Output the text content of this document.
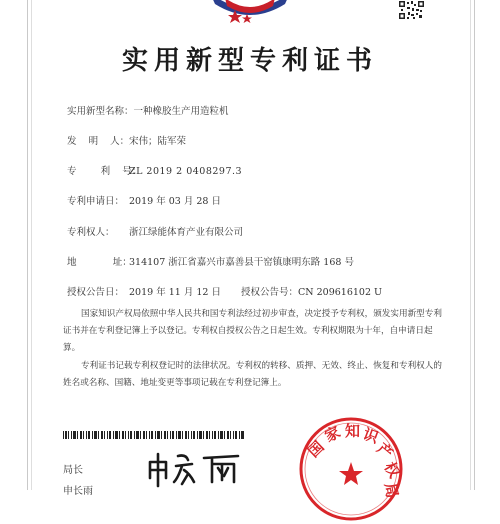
实用新型专利证书
实用新型名称：一种橡胶生产用造粒机
发    明    人：宋伟；陆军荣
专        利    号：ZL 2019 2 0408297.3
专利申请日： 2019 年 03 月 28 日
专利权人： 浙江绿能体育产业有限公司
地            址：314107 浙江省嘉兴市嘉善县干窑镇康明东路 168 号
授权公告日： 2019 年 11 月 12 日 授权公告号：CN 209616102 U
国家知识产权局依照中华人民共和国专利法经过初步审查，决定授予专利权，颁发实用新型专利证书并在专利登记簿上予以登记。专利权自授权公告之日起生效。专利权期限为十年，自申请日起算。
专利证书记载专利权登记时的法律状况。专利权的转移、质押、无效、终止、恢复和专利权人的姓名或名称、国籍、地址变更等事项记载在专利登记簿上。
局长
申长雨
国
家 知 识
产
权
局
